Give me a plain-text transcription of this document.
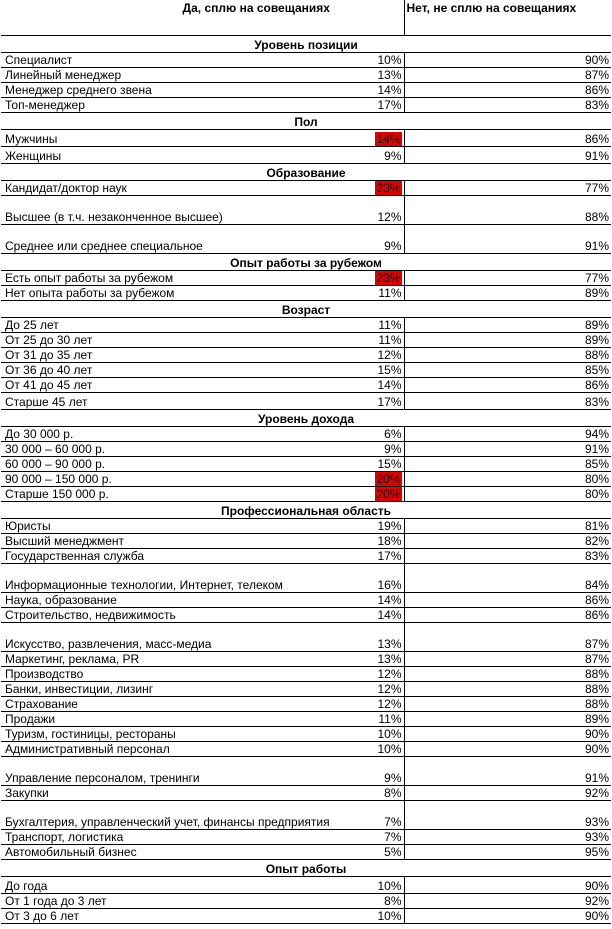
Да, сплю на совещаниях		Нет, не сплю на совещаниях
Уровень позиции		
Специалист	10%	90%
Линейный менеджер	13%	87%
Менеджер среднего звена	14%	86%
Топ-менеджер	17%	83%
Пол		
Мужчины	14%	86%
Женщины	9%	91%
Образование		
Кандидат/доктор наук	23%	77%
Высшее (в т.ч. незаконченное высшее)	12%	88%
Среднее или среднее специальное	9%	91%
Опыт работы за рубежом		
Есть опыт работы за рубежом	23%	77%
Нет опыта работы за рубежом	11%	89%
Возраст		
До 25 лет	11%	89%
От 25 до 30 лет	11%	89%
От 31 до 35 лет	12%	88%
От 36 до 40 лет	15%	85%
От 41 до 45 лет	14%	86%
Старше 45 лет	17%	83%
Уровень дохода		
До 30 000 р.	6%	94%
30 000 – 60 000 р.	9%	91%
60 000 – 90 000 р.	15%	85%
90 000 – 150 000 р.	20%	80%
Старше 150 000 р.	20%	80%
Профессиональная область		
Юристы	19%	81%
Высший менеджмент	18%	82%
Государственная служба	17%	83%
Информационные технологии, Интернет, телеком	16%	84%
Наука, образование	14%	86%
Строительство, недвижимость	14%	86%
Искусство, развлечения, масс-медиа	13%	87%
Маркетинг, реклама, PR	13%	87%
Производство	12%	88%
Банки, инвестиции, лизинг	12%	88%
Страхование	12%	88%
Продажи	11%	89%
Туризм, гостиницы, рестораны	10%	90%
Административный персонал	10%	90%
Управление персоналом, тренинги	9%	91%
Закупки	8%	92%
Бухгалтерия, управленческий учет, финансы предприятия	7%	93%
Транспорт, логистика	7%	93%
Автомобильный бизнес	5%	95%
Опыт работы		
До года	10%	90%
От 1 года до 3 лет	8%	92%
От 3 до 6 лет	10%	90%
